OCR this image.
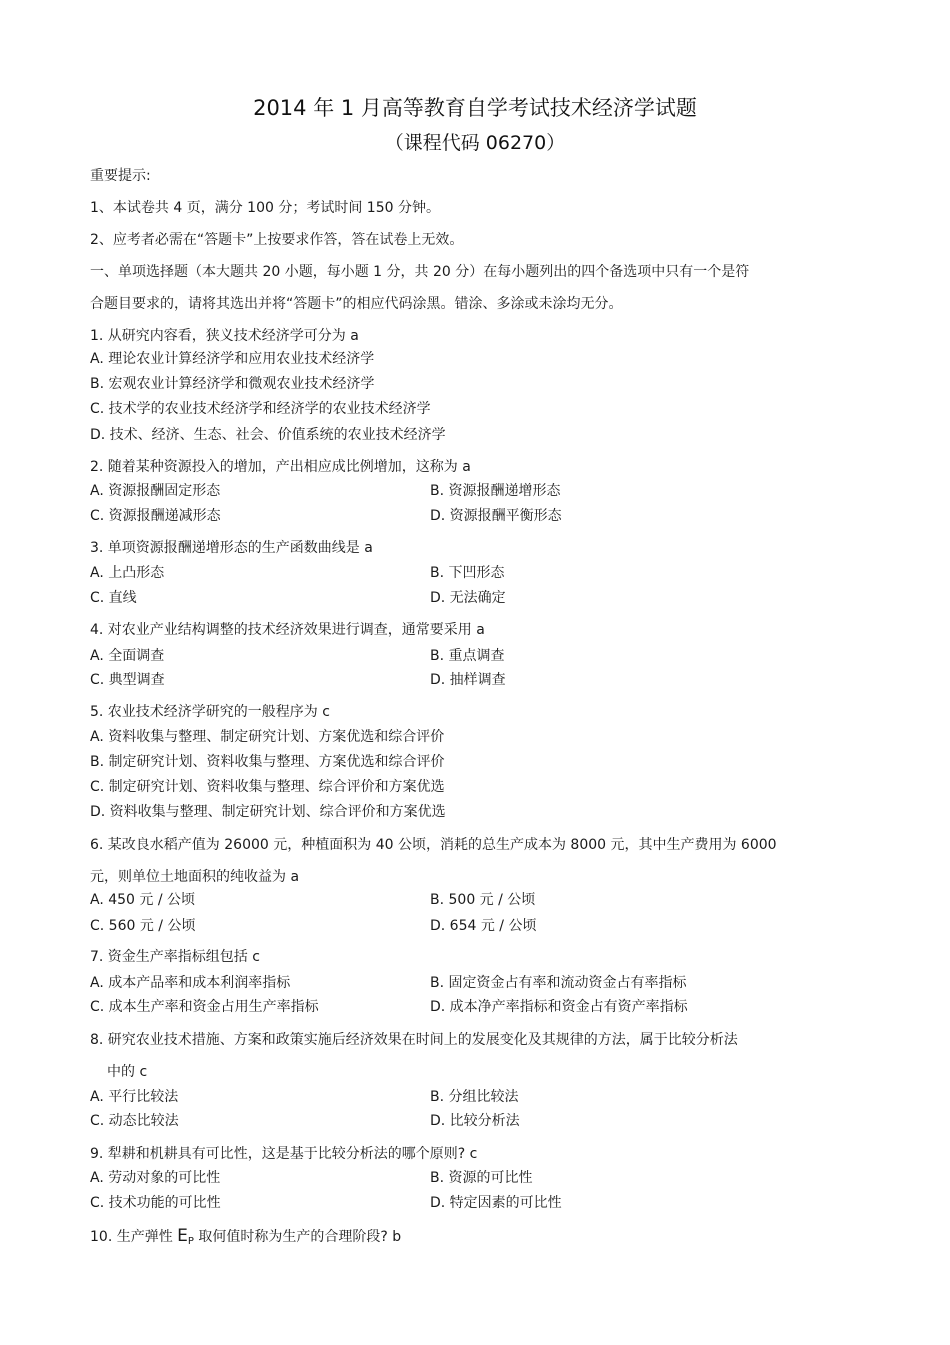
2014 年 1 月高等教育自学考试技术经济学试题
（课程代码 06270）
重要提示:
1、本试卷共 4 页，满分 100 分；考试时间 150 分钟。
2、应考者必需在“答题卡”上按要求作答，答在试卷上无效。
一、单项选择题（本大题共 20 小题，每小题 1 分，共 20 分）在每小题列出的四个备选项中只有一个是符
合题目要求的，请将其选出并将“答题卡”的相应代码涂黑。错涂、多涂或未涂均无分。
1. 从研究内容看，狭义技术经济学可分为 a
A. 理论农业计算经济学和应用农业技术经济学
B. 宏观农业计算经济学和微观农业技术经济学
C. 技术学的农业技术经济学和经济学的农业技术经济学
D. 技术、经济、生态、社会、价值系统的农业技术经济学
2. 随着某种资源投入的增加，产出相应成比例增加，这称为 a
A. 资源报酬固定形态	B. 资源报酬递增形态
C. 资源报酬递减形态	D. 资源报酬平衡形态
3. 单项资源报酬递增形态的生产函数曲线是 a
A. 上凸形态	B. 下凹形态
C. 直线	D. 无法确定
4. 对农业产业结构调整的技术经济效果进行调查，通常要采用 a
A. 全面调查	B. 重点调查
C. 典型调查	D. 抽样调查
5. 农业技术经济学研究的一般程序为 c
A. 资料收集与整理、制定研究计划、方案优选和综合评价
B. 制定研究计划、资料收集与整理、方案优选和综合评价
C. 制定研究计划、资料收集与整理、综合评价和方案优选
D. 资料收集与整理、制定研究计划、综合评价和方案优选
6. 某改良水稻产值为 26000 元，种植面积为 40 公顷，消耗的总生产成本为 8000 元，其中生产费用为 6000
元，则单位土地面积的纯收益为 a
A. 450 元 / 公顷	B. 500 元 / 公顷
C. 560 元 / 公顷	D. 654 元 / 公顷
7. 资金生产率指标组包括 c
A. 成本产品率和成本利润率指标	B. 固定资金占有率和流动资金占有率指标
C. 成本生产率和资金占用生产率指标	D. 成本净产率指标和资金占有资产率指标
8. 研究农业技术措施、方案和政策实施后经济效果在时间上的发展变化及其规律的方法，属于比较分析法
中的 c
A. 平行比较法	B. 分组比较法
C. 动态比较法	D. 比较分析法
9. 犁耕和机耕具有可比性，这是基于比较分析法的哪个原则? c
A. 劳动对象的可比性	B. 资源的可比性
C. 技术功能的可比性	D. 特定因素的可比性
10. 生产弹性 $E_P$ 取何值时称为生产的合理阶段? b
